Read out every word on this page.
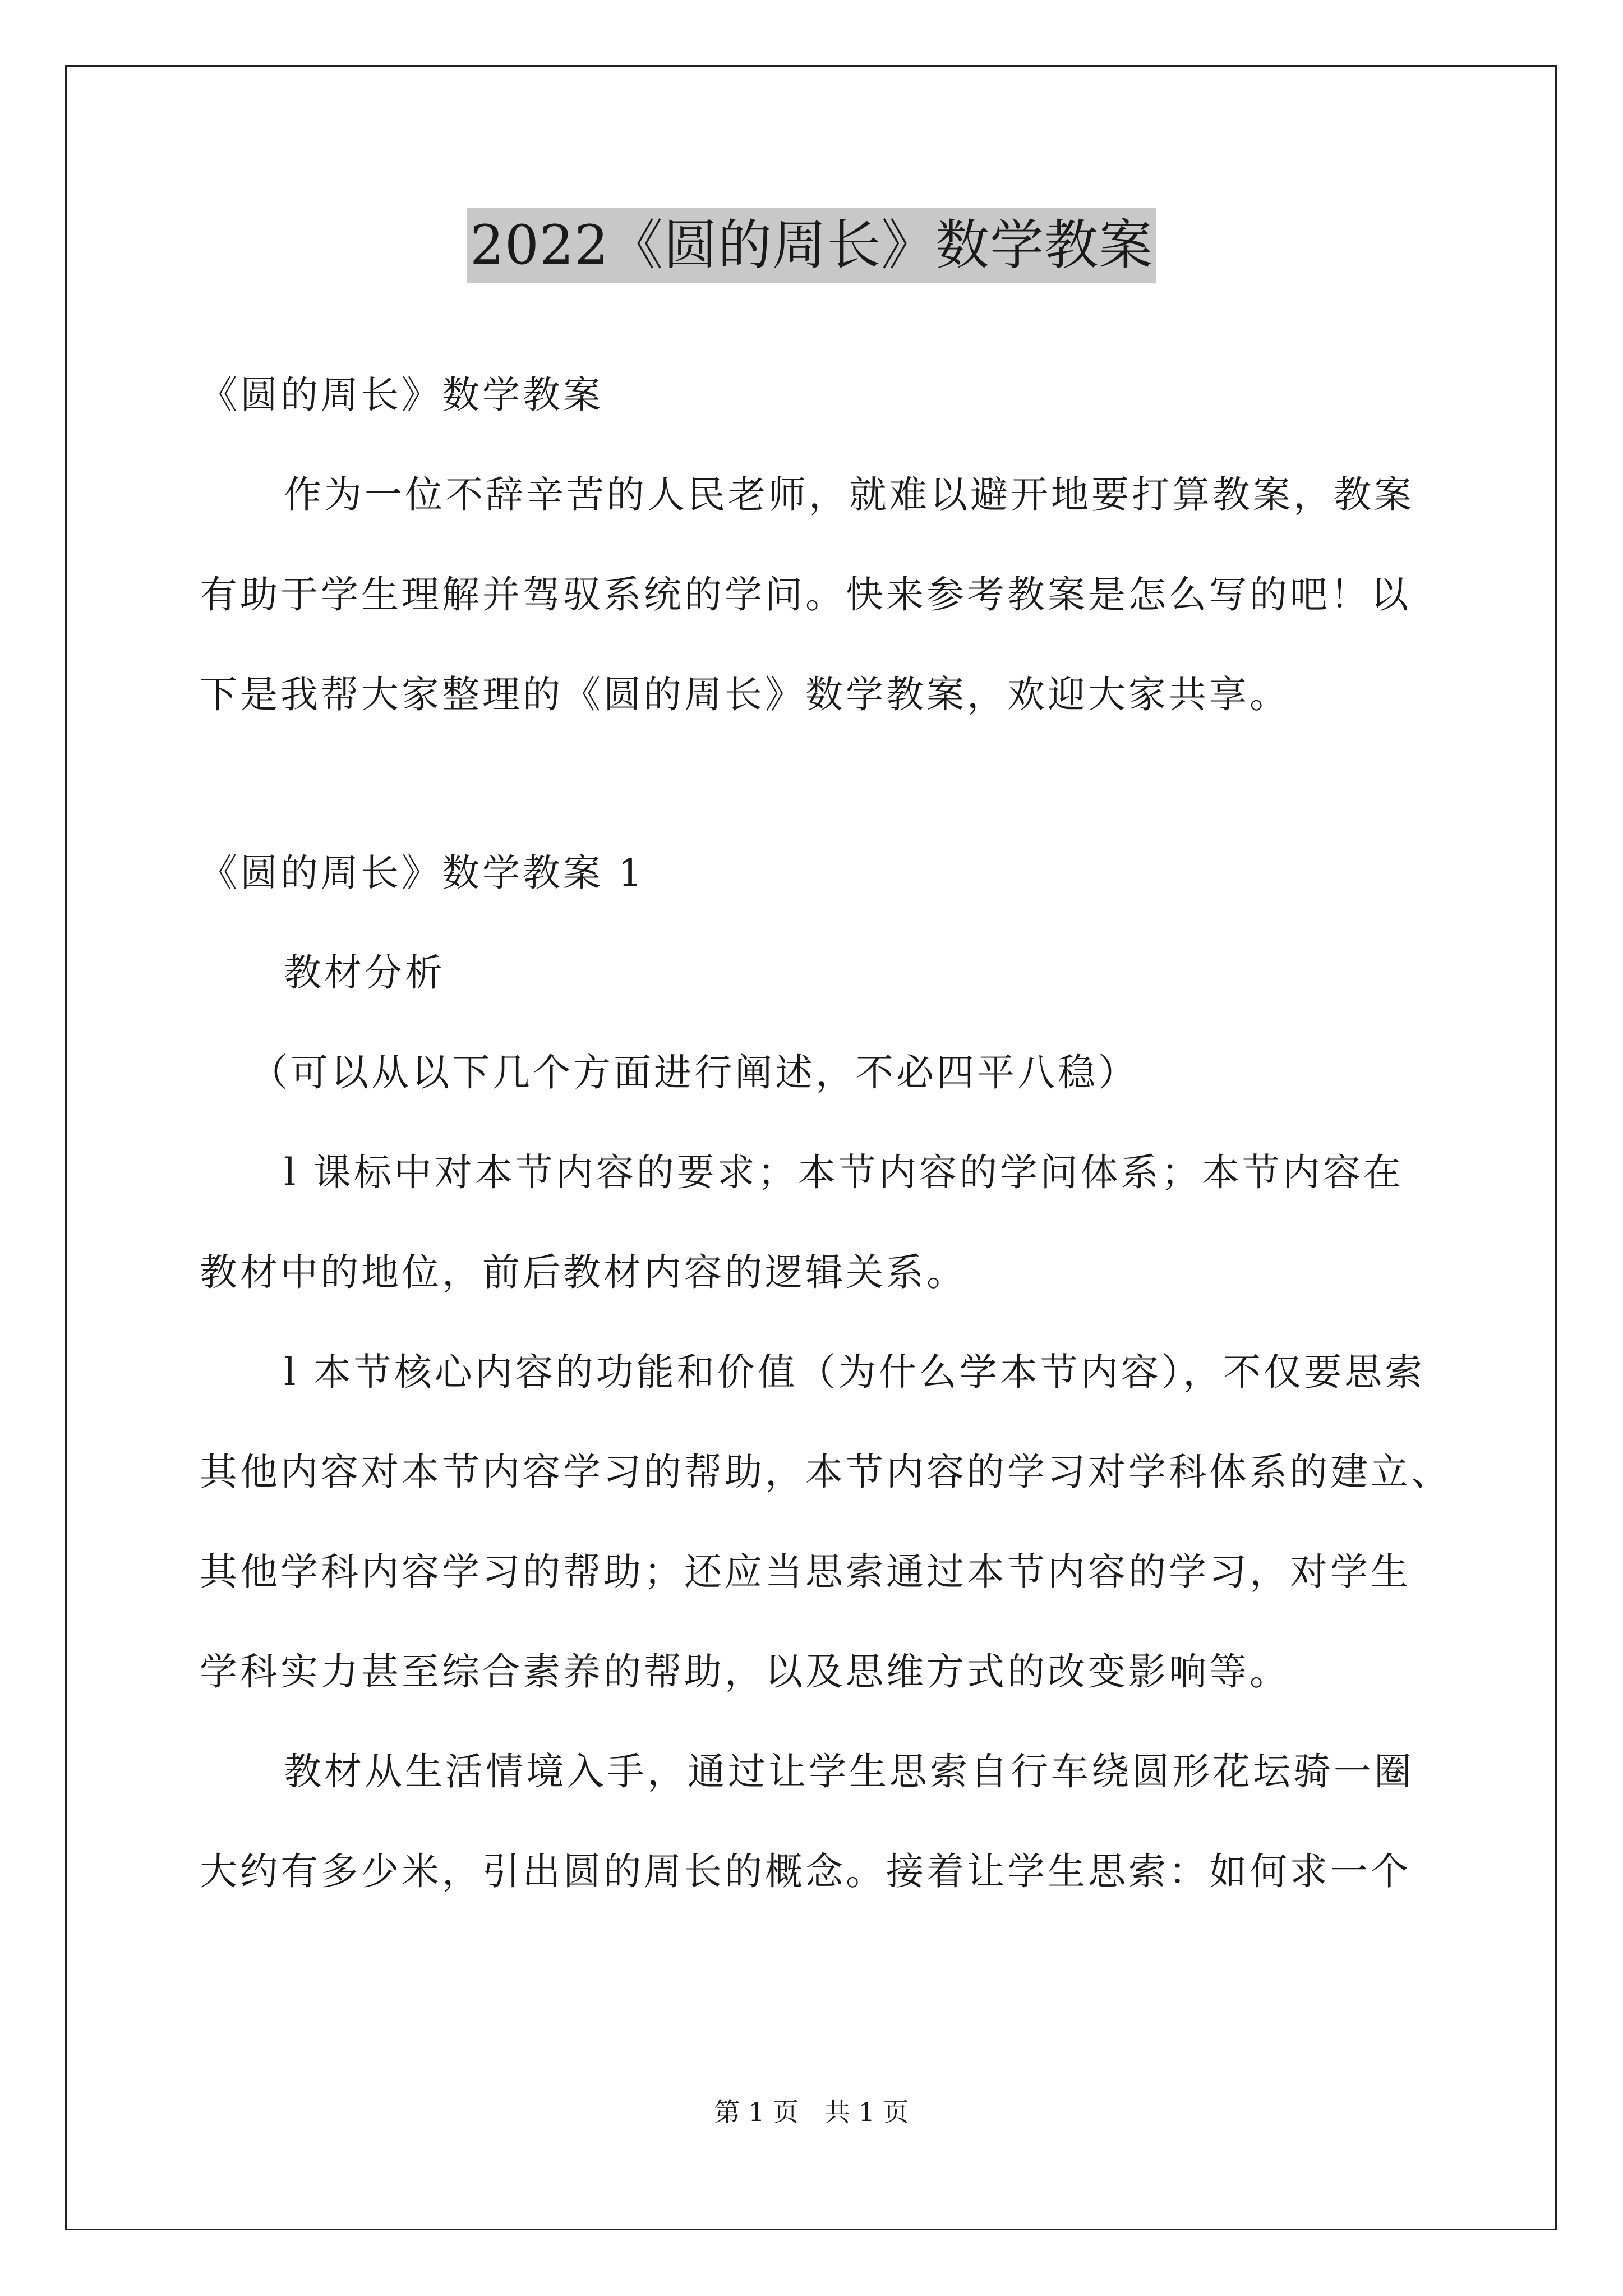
2022《圆的周长》数学教案

《圆的周长》数学教案

作为一位不辞辛苦的人民老师，就难以避开地要打算教案，教案

有助于学生理解并驾驭系统的学问。快来参考教案是怎么写的吧！以

下是我帮大家整理的《圆的周长》数学教案，欢迎大家共享。

《圆的周长》数学教案 1

教材分析

（可以从以下几个方面进行阐述，不必四平八稳）

l 课标中对本节内容的要求；本节内容的学问体系；本节内容在

教材中的地位，前后教材内容的逻辑关系。

l 本节核心内容的功能和价值（为什么学本节内容），不仅要思索

其他内容对本节内容学习的帮助，本节内容的学习对学科体系的建立、

其他学科内容学习的帮助；还应当思索通过本节内容的学习，对学生

学科实力甚至综合素养的帮助，以及思维方式的改变影响等。

教材从生活情境入手，通过让学生思索自行车绕圆形花坛骑一圈

大约有多少米，引出圆的周长的概念。接着让学生思索：如何求一个

第 1 页　共 1 页
